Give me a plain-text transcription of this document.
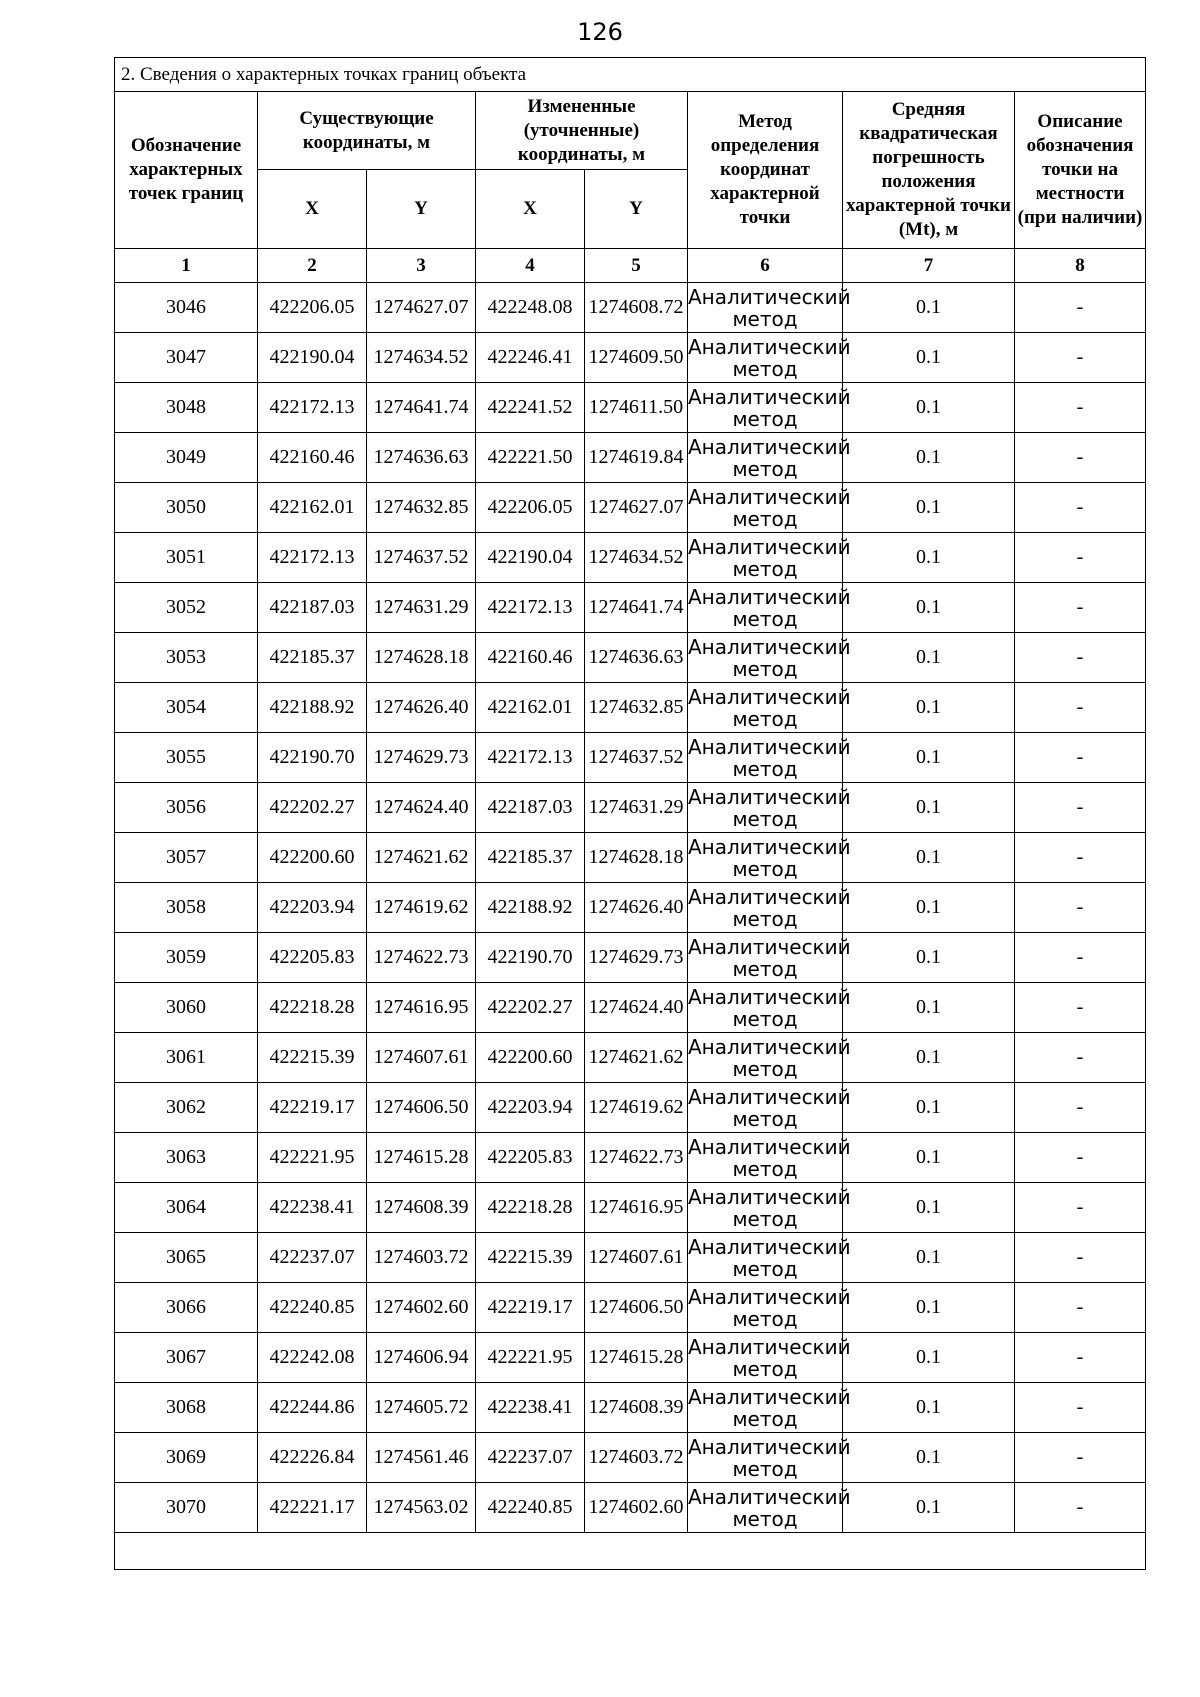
126
2. Сведения о характерных точках границ объекта							
Обозначение характерных точек границ	Существующие координаты, м		Измененные (уточненные) координаты, м		Метод определения координат характерной точки	Средняя квадратическая погрешность положения характерной точки (Mt), м	Описание обозначения точки на местности (при наличии)
	X	Y	X	Y			
1	2	3	4	5	6	7	8
3046	422206.05	1274627.07	422248.08	1274608.72	Аналитический
метод	0.1	-
3047	422190.04	1274634.52	422246.41	1274609.50	Аналитический
метод	0.1	-
3048	422172.13	1274641.74	422241.52	1274611.50	Аналитический
метод	0.1	-
3049	422160.46	1274636.63	422221.50	1274619.84	Аналитический
метод	0.1	-
3050	422162.01	1274632.85	422206.05	1274627.07	Аналитический
метод	0.1	-
3051	422172.13	1274637.52	422190.04	1274634.52	Аналитический
метод	0.1	-
3052	422187.03	1274631.29	422172.13	1274641.74	Аналитический
метод	0.1	-
3053	422185.37	1274628.18	422160.46	1274636.63	Аналитический
метод	0.1	-
3054	422188.92	1274626.40	422162.01	1274632.85	Аналитический
метод	0.1	-
3055	422190.70	1274629.73	422172.13	1274637.52	Аналитический
метод	0.1	-
3056	422202.27	1274624.40	422187.03	1274631.29	Аналитический
метод	0.1	-
3057	422200.60	1274621.62	422185.37	1274628.18	Аналитический
метод	0.1	-
3058	422203.94	1274619.62	422188.92	1274626.40	Аналитический
метод	0.1	-
3059	422205.83	1274622.73	422190.70	1274629.73	Аналитический
метод	0.1	-
3060	422218.28	1274616.95	422202.27	1274624.40	Аналитический
метод	0.1	-
3061	422215.39	1274607.61	422200.60	1274621.62	Аналитический
метод	0.1	-
3062	422219.17	1274606.50	422203.94	1274619.62	Аналитический
метод	0.1	-
3063	422221.95	1274615.28	422205.83	1274622.73	Аналитический
метод	0.1	-
3064	422238.41	1274608.39	422218.28	1274616.95	Аналитический
метод	0.1	-
3065	422237.07	1274603.72	422215.39	1274607.61	Аналитический
метод	0.1	-
3066	422240.85	1274602.60	422219.17	1274606.50	Аналитический
метод	0.1	-
3067	422242.08	1274606.94	422221.95	1274615.28	Аналитический
метод	0.1	-
3068	422244.86	1274605.72	422238.41	1274608.39	Аналитический
метод	0.1	-
3069	422226.84	1274561.46	422237.07	1274603.72	Аналитический
метод	0.1	-
3070	422221.17	1274563.02	422240.85	1274602.60	Аналитический
метод	0.1	-
